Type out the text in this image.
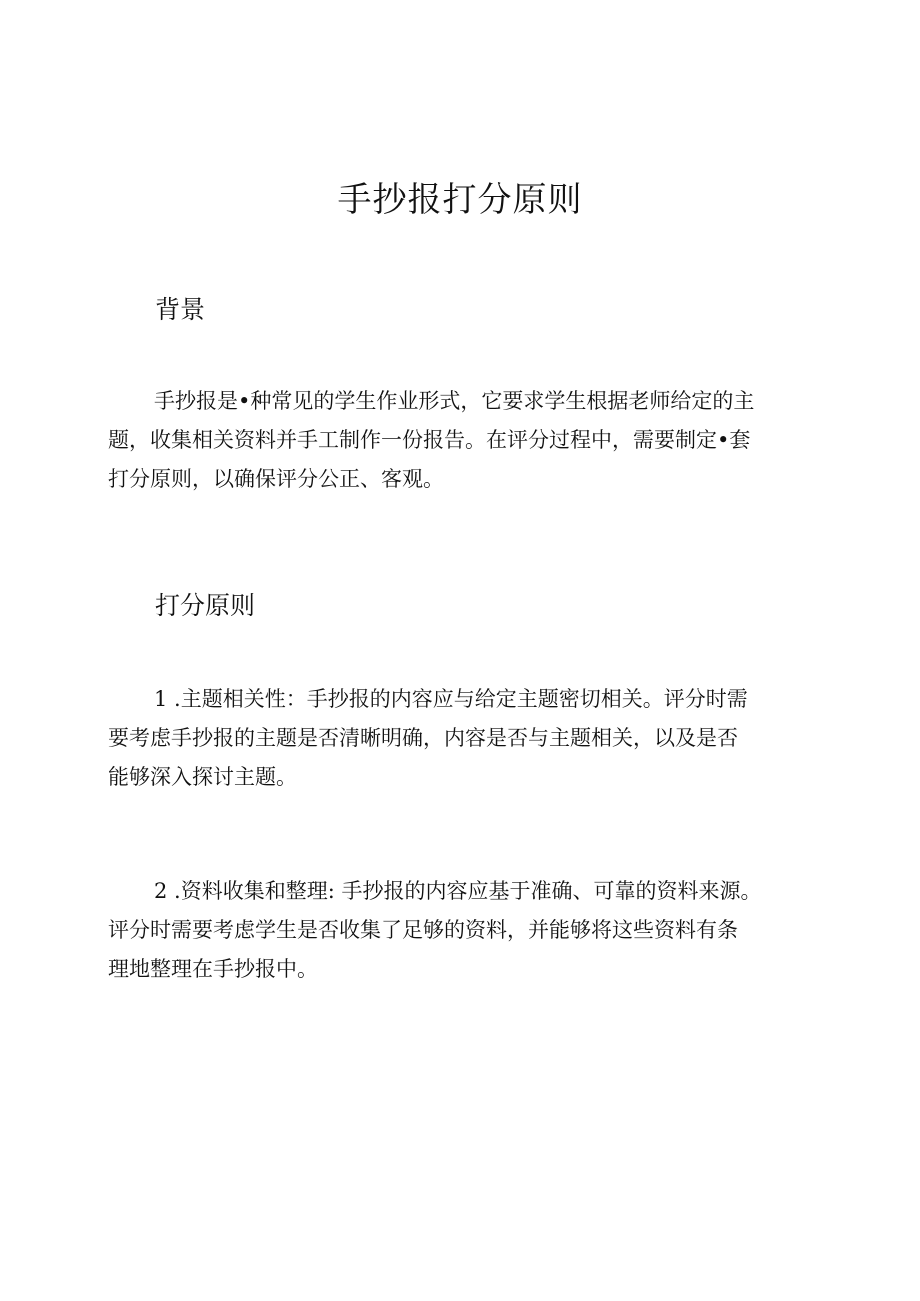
手抄报打分原则
背景
手抄报是•种常见的学生作业形式，它要求学生根据老师给定的主
题，收集相关资料并手工制作一份报告。在评分过程中，需要制定•套
打分原则，以确保评分公正、客观。
打分原则
1 .主题相关性：手抄报的内容应与给定主题密切相关。评分时需
要考虑手抄报的主题是否清晰明确，内容是否与主题相关，以及是否
能够深入探讨主题。
2 .资料收集和整理: 手抄报的内容应基于准确、可靠的资料来源。
评分时需要考虑学生是否收集了足够的资料，并能够将这些资料有条
理地整理在手抄报中。
